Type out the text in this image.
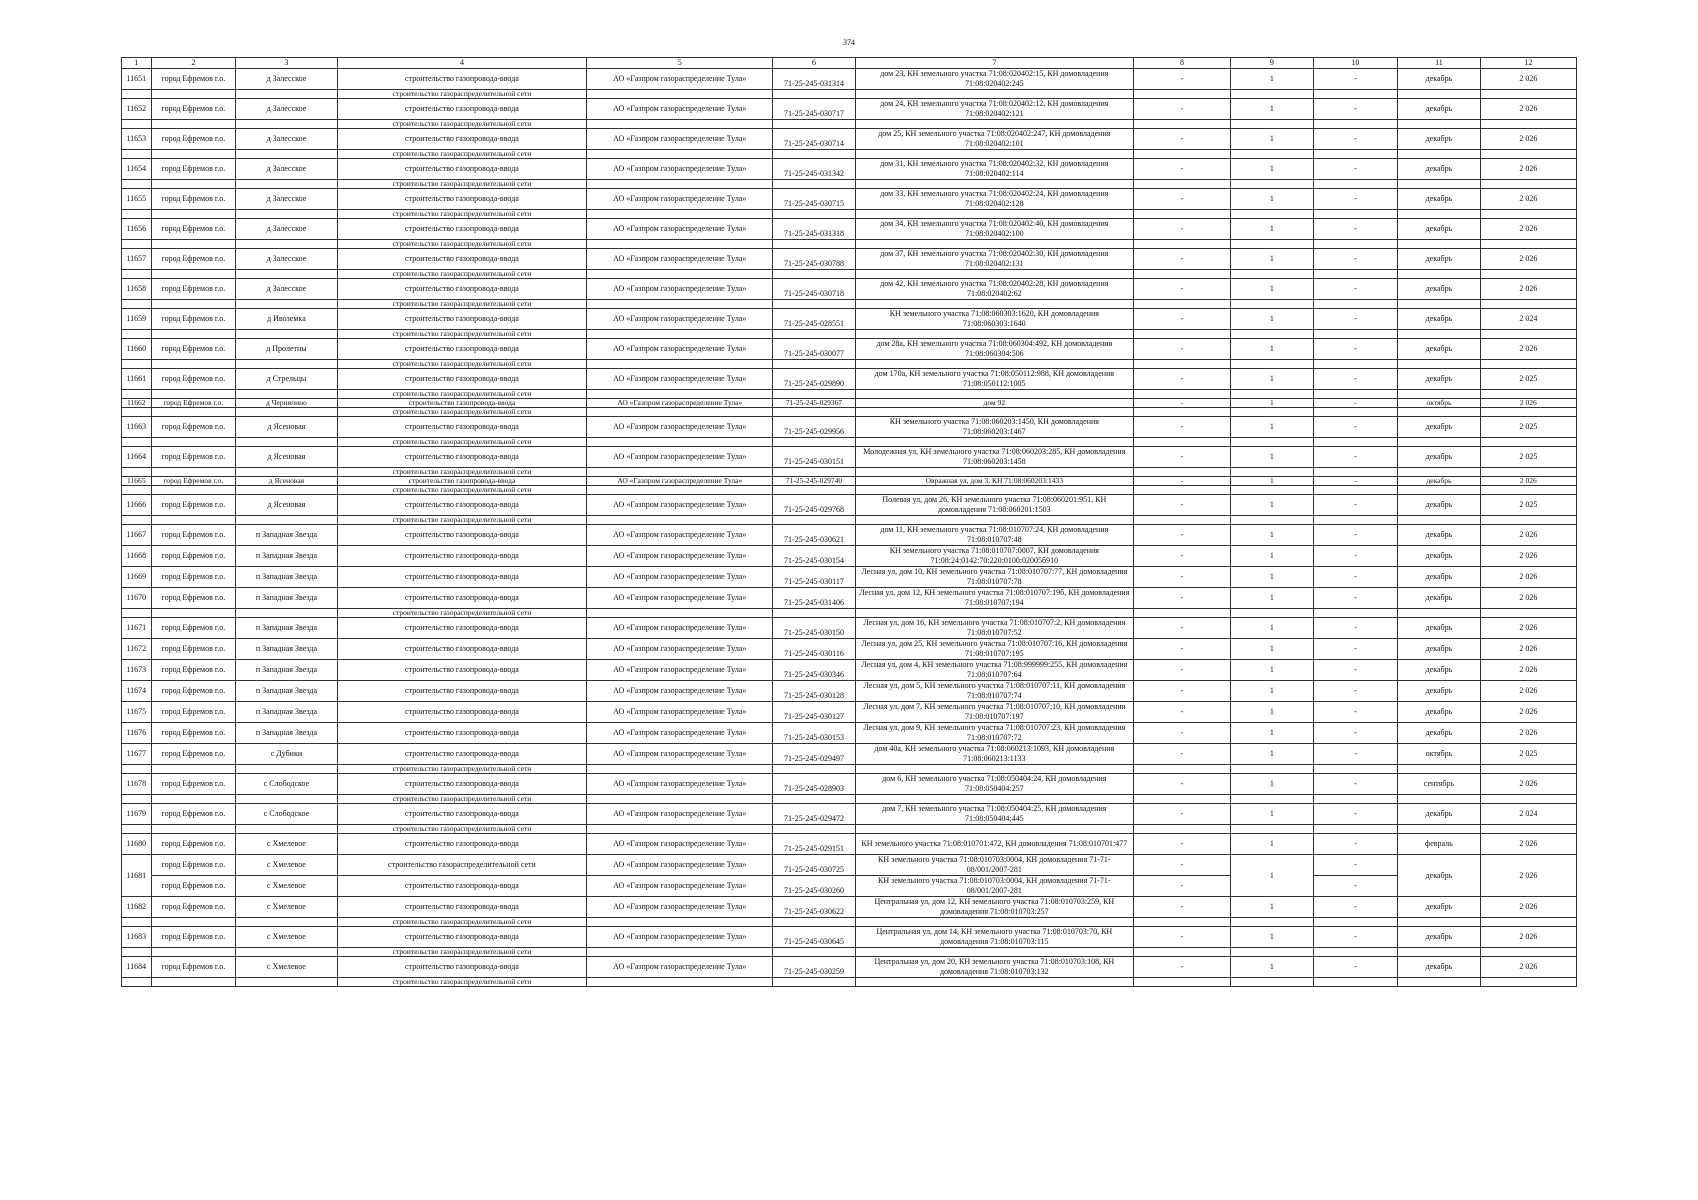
374
1	2	3	4	5	6	7	8	9	10	11	12
11651	город Ефремов г.о.	д Залесское	строительство газопровода-ввода	АО «Газпром газораспределение Тула»	71-25-245-031314	дом 23, КН земельного участка 71:08:020402:15, КН домовладения 71:08:020402:245	-	1	-	декабрь	2 026
			строительство газораспределительной сети								
11652	город Ефремов г.о.	д Залесское	строительство газопровода-ввода	АО «Газпром газораспределение Тула»	71-25-245-030717	дом 24, КН земельного участка 71:08:020402:12, КН домовладения 71:08:020402:121	-	1	-	декабрь	2 026
			строительство газораспределительной сети								
11653	город Ефремов г.о.	д Залесское	строительство газопровода-ввода	АО «Газпром газораспределение Тула»	71-25-245-030714	дом 25, КН земельного участка 71:08:020402:247, КН домовладения 71:08:020402:101	-	1	-	декабрь	2 026
			строительство газораспределительной сети								
11654	город Ефремов г.о.	д Залесское	строительство газопровода-ввода	АО «Газпром газораспределение Тула»	71-25-245-031342	дом 31, КН земельного участка 71:08:020402:32, КН домовладения 71:08:020402:114	-	1	-	декабрь	2 026
			строительство газораспределительной сети								
11655	город Ефремов г.о.	д Залесское	строительство газопровода-ввода	АО «Газпром газораспределение Тула»	71-25-245-030715	дом 33, КН земельного участка 71:08:020402:24, КН домовладения 71:08:020402:128	-	1	-	декабрь	2 026
			строительство газораспределительной сети								
11656	город Ефремов г.о.	д Залесское	строительство газопровода-ввода	АО «Газпром газораспределение Тула»	71-25-245-031318	дом 34, КН земельного участка 71:08:020402:40, КН домовладения 71:08:020402:100	-	1	-	декабрь	2 026
			строительство газораспределительной сети								
11657	город Ефремов г.о.	д Залесское	строительство газопровода-ввода	АО «Газпром газораспределение Тула»	71-25-245-030788	дом 37, КН земельного участка 71:08:020402:30, КН домовладения 71:08:020402:131	-	1	-	декабрь	2 026
			строительство газораспределительной сети								
11658	город Ефремов г.о.	д Залесское	строительство газопровода-ввода	АО «Газпром газораспределение Тула»	71-25-245-030718	дом 42, КН земельного участка 71:08:020402:28, КН домовладения 71:08:020402:62	-	1	-	декабрь	2 026
			строительство газораспределительной сети								
11659	город Ефремов г.о.	д Ивоземка	строительство газопровода-ввода	АО «Газпром газораспределение Тула»	71-25-245-028551	КН земельного участка 71:08:060303:1620, КН домовладения 71:08:060303:1640	-	1	-	декабрь	2 024
			строительство газораспределительной сети								
11660	город Ефремов г.о.	д Пролетны	строительство газопровода-ввода	АО «Газпром газораспределение Тула»	71-25-245-030077	дом 28а, КН земельного участка 71:08:060304:492, КН домовладения 71:08:060304:506	-	1	-	декабрь	2 026
			строительство газораспределительной сети								
11661	город Ефремов г.о.	д Стрельцы	строительство газопровода-ввода	АО «Газпром газораспределение Тула»	71-25-245-029890	дом 170а, КН земельного участка 71:08:050112:988, КН домовладения 71:08:050112:1005	-	1	-	декабрь	2 025
			строительство газораспределительной сети								
11662	город Ефремов г.о.	д Черняпино	строительство газопровода-ввода	АО «Газпром газораспределение Тула»	71-25-245-029367	дом 92	-	1	-	октябрь	2 026
			строительство газораспределительной сети								
11663	город Ефремов г.о.	д Ясеновая	строительство газопровода-ввода	АО «Газпром газораспределение Тула»	71-25-245-029956	КН земельного участка 71:08:060203:1450, КН домовладения 71:08:060203:1467	-	1	-	декабрь	2 025
			строительство газораспределительной сети								
11664	город Ефремов г.о.	д Ясеновая	строительство газопровода-ввода	АО «Газпром газораспределение Тула»	71-25-245-030151	Молодежная ул, КН земельного участка 71:08:060203:285, КН домовладения 71:08:060203:1458	-	1	-	декабрь	2 025
			строительство газораспределительной сети								
11665	город Ефремов г.о.	д Ясеновая	строительство газопровода-ввода	АО «Газпром газораспределение Тула»	71-25-245-029740	Овражная ул, дом 3, КН 71:08:060203:1433	-	1	-	декабрь	2 026
			строительство газораспределительной сети								
11666	город Ефремов г.о.	д Ясеновая	строительство газопровода-ввода	АО «Газпром газораспределение Тула»	71-25-245-029768	Полевая ул, дом 26, КН земельного участка 71:08:060201:951, КН домовладения 71:08:060201:1503	-	1	-	декабрь	2 025
			строительство газораспределительной сети								
11667	город Ефремов г.о.	п Западная Звезда	строительство газопровода-ввода	АО «Газпром газораспределение Тула»	71-25-245-030621	дом 11, КН земельного участка 71:08:010707:24, КН домовладения 71:08:010707:48	-	1	-	декабрь	2 026
11668	город Ефремов г.о.	п Западная Звезда	строительство газопровода-ввода	АО «Газпром газораспределение Тула»	71-25-245-030154	КН земельного участка 71:08:010707:0007, КН домовладения 71:08:24:0142:70:220:0100:02005б910	-	1	-	декабрь	2 026
11669	город Ефремов г.о.	п Западная Звезда	строительство газопровода-ввода	АО «Газпром газораспределение Тула»	71-25-245-030117	Лесная ул, дом 10, КН земельного участка 71:08:010707:77, КН домовладения 71:08:010707:78	-	1	-	декабрь	2 026
11670	город Ефремов г.о.	п Западная Звезда	строительство газопровода-ввода	АО «Газпром газораспределение Тула»	71-25-245-031406	Лесная ул, дом 12, КН земельного участка 71:08:010707:19б, КН домовладения 71:08:010707:194	-	1	-	декабрь	2 026
			строительство газораспределительной сети								
11671	город Ефремов г.о.	п Западная Звезда	строительство газопровода-ввода	АО «Газпром газораспределение Тула»	71-25-245-030150	Лесная ул, дом 16, КН земельного участка 71:08:010707:2, КН домовладения 71:08:010707:52	-	1	-	декабрь	2 026
11672	город Ефремов г.о.	п Западная Звезда	строительство газопровода-ввода	АО «Газпром газораспределение Тула»	71-25-245-030116	Лесная ул, дом 25, КН земельного участка 71:08:010707:16, КН домовладения 71:08:010707:195	-	1	-	декабрь	2 026
11673	город Ефремов г.о.	п Западная Звезда	строительство газопровода-ввода	АО «Газпром газораспределение Тула»	71-25-245-030346	Лесная ул, дом 4, КН земельного участка 71:08:999999:255, КН домовладения 71:08:010707:64	-	1	-	декабрь	2 026
11674	город Ефремов г.о.	п Западная Звезда	строительство газопровода-ввода	АО «Газпром газораспределение Тула»	71-25-245-030128	Лесная ул, дом 5, КН земельного участка 71:08:010707:11, КН домовладения 71:08:010707:74	-	1	-	декабрь	2 026
11675	город Ефремов г.о.	п Западная Звезда	строительство газопровода-ввода	АО «Газпром газораспределение Тула»	71-25-245-030127	Лесная ул, дом 7, КН земельного участка 71:08:010707:10, КН домовладения 71:08:010707:197	-	1	-	декабрь	2 026
11676	город Ефремов г.о.	п Западная Звезда	строительство газопровода-ввода	АО «Газпром газораспределение Тула»	71-25-245-030153	Лесная ул, дом 9, КН земельного участка 71:08:010707:23, КН домовладения 71:08:010707:72	-	1	-	декабрь	2 026
11677	город Ефремов г.о.	с Дубики	строительство газопровода-ввода	АО «Газпром газораспределение Тула»	71-25-245-029497	дом 40а, КН земельного участка 71:08:060213:1093, КН домовладения 71:08:060213:1133	-	1	-	октябрь	2 025
			строительство газораспределительной сети								
11678	город Ефремов г.о.	с Слободское	строительство газопровода-ввода	АО «Газпром газораспределение Тула»	71-25-245-028903	дом 6, КН земельного участка 71:08:050404:24, КН домовладения 71:08:050404:257	-	1	-	сентябрь	2 026
			строительство газораспределительной сети								
11679	город Ефремов г.о.	с Слободское	строительство газопровода-ввода	АО «Газпром газораспределение Тула»	71-25-245-029472	дом 7, КН земельного участка 71:08:050404:25, КН домовладения 71:08:050404:445	-	1	-	декабрь	2 024
			строительство газораспределительной сети								
11680	город Ефремов г.о.	с Хмелевое	строительство газопровода-ввода	АО «Газпром газораспределение Тула»	71-25-245-029151	КН земельного участка 71:08:010701:472, КН домовладения 71:08:010701:477	-	1	-	февраль	2 026
11681	город Ефремов г.о.	с Хмелевое	строительство газораспределительной сети	АО «Газпром газораспределение Тула»	71-25-245-030725	КН земельного участка 71:08:010703:0004, КН домовладения 71-71-08/001/2007-281	-	1	-	декабрь	2 026
	город Ефремов г.о.	с Хмелевое	строительство газопровода-ввода	АО «Газпром газораспределение Тула»	71-25-245-030260	КН земельного участка 71:08:010703:0004, КН домовладения 71-71-08/001/2007-281	-		-		
11682	город Ефремов г.о.	с Хмелевое	строительство газопровода-ввода	АО «Газпром газораспределение Тула»	71-25-245-030622	Центральная ул, дом 12, КН земельного участка 71:08:010703:259, КН домовладения 71:08:010703:257	-	1	-	декабрь	2 026
			строительство газораспределительной сети								
11683	город Ефремов г.о.	с Хмелевое	строительство газопровода-ввода	АО «Газпром газораспределение Тула»	71-25-245-030645	Центральная ул, дом 14, КН земельного участка 71:08:010703:70, КН домовладения 71:08:010703:115	-	1	-	декабрь	2 026
			строительство газораспределительной сети								
11684	город Ефремов г.о.	с Хмелевое	строительство газопровода-ввода	АО «Газпром газораспределение Тула»	71-25-245-030259	Центральная ул, дом 20, КН земельного участка 71:08:010703:108, КН домовладения 71:08:010703:132	-	1	-	декабрь	2 026
			строительство газораспределительной сети								
